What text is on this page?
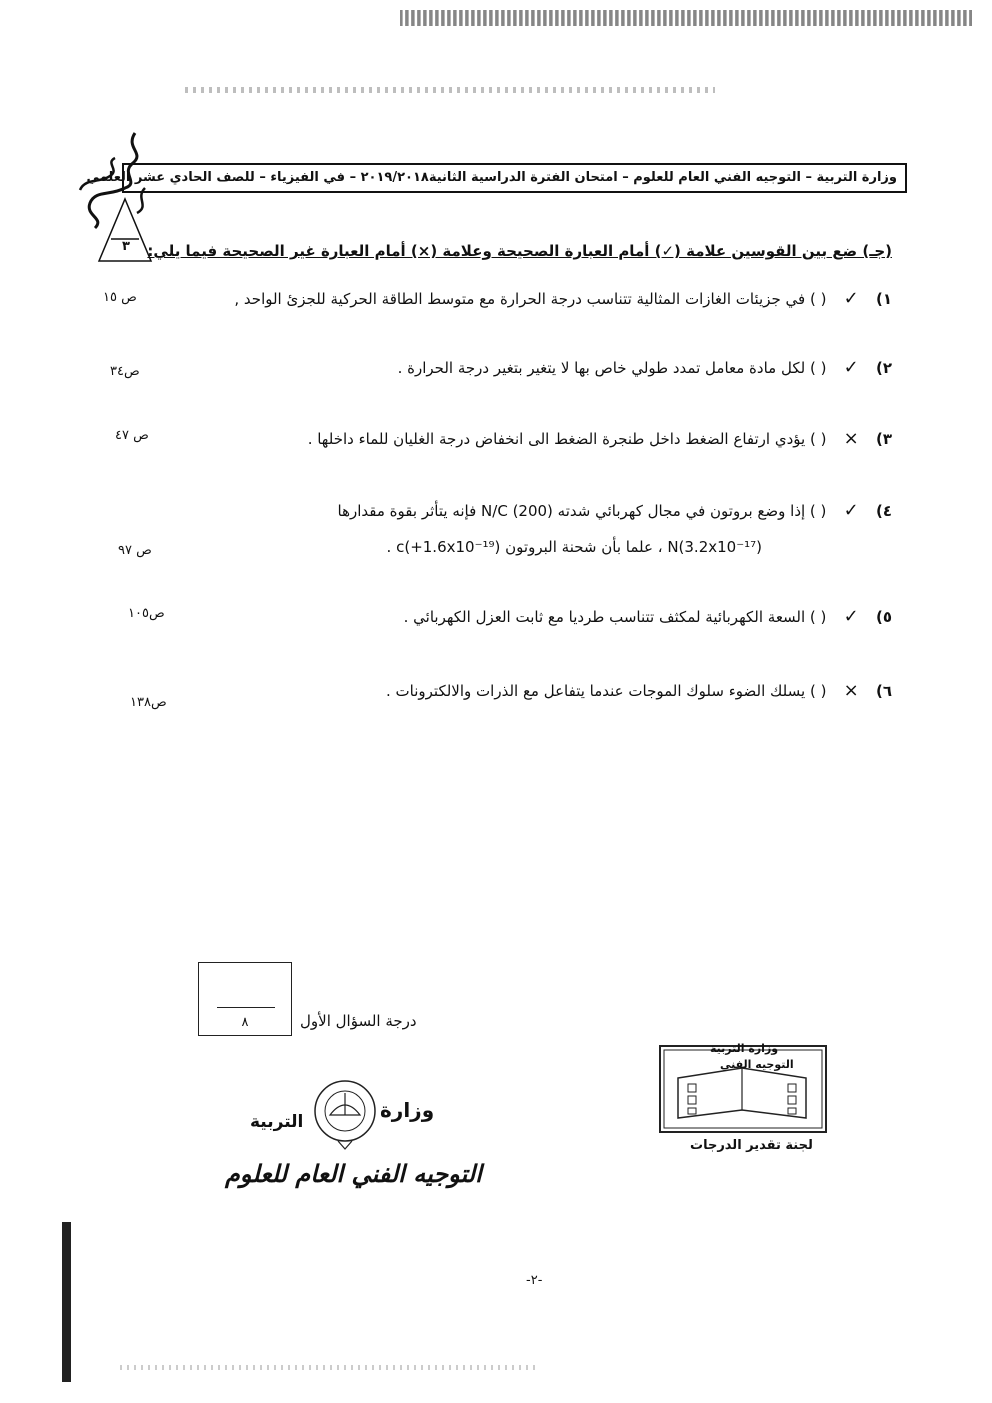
وزارة التربية – التوجيه الفني العام للعلوم – امتحان الفترة الدراسية الثانية٢٠١٩/٢٠١٨ – في الفيزياء – للصف الحادي عشر العلمي
٣	(جـ) ضع بين القوسين علامة (✓) أمام العبارة الصحيحة وعلامة (×) أمام العبارة غير الصحيحة فيما يلي:
١) ✓ ( ) في جزيئات الغازات المثالية تتناسب درجة الحرارة مع متوسط الطاقة الحركية للجزئ الواحد ,
ص ١٥
٢) ✓ ( ) لكل مادة معامل تمدد طولي خاص بها لا يتغير بتغير درجة الحرارة .
ص٣٤
٣) × ( ) يؤدي ارتفاع الضغط داخل طنجرة الضغط الى انخفاض درجة الغليان للماء داخلها .
ص ٤٧
٤) ✓ ( ) إذا وضع بروتون في مجال كهربائي شدته N/C (200) فإنه يتأثر بقوة مقدارها
N(3.2x10⁻¹⁷) ، علما بأن شحنة البروتون c(+1.6x10⁻¹⁹) .
ص ٩٧
٥) ✓ ( ) السعة الكهربائية لمكثف تتناسب طرديا مع ثابت العزل الكهربائي .
ص١٠٥
٦) × ( ) يسلك الضوء سلوك الموجات عندما يتفاعل مع الذرات والالكترونات .
ص١٣٨
٨	درجة السؤال الأول
وزارة
التربية
التوجيه الفني العام للعلوم
وزارة التربية
التوجيه الفني
لجنة تقدير الدرجات
-٢-
